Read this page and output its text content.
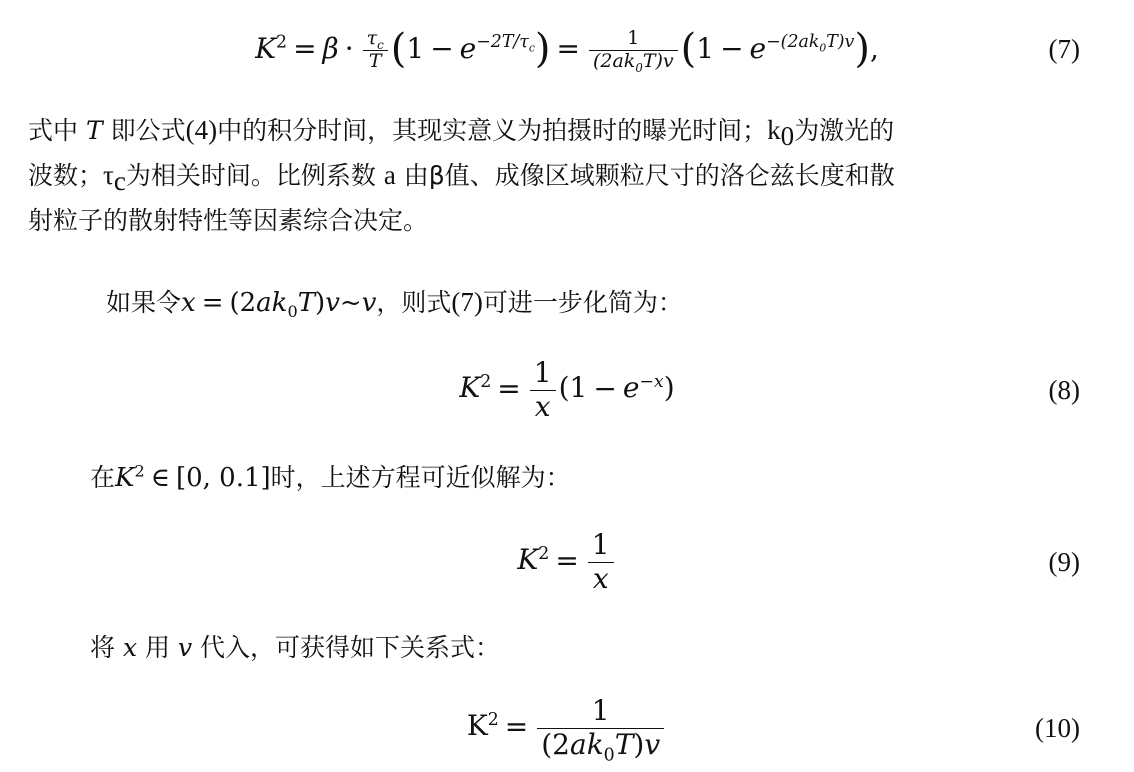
$K^2 = \beta \cdot \frac{\tau_c}{T} (1 - e^{-2T/\tau_c}) = \frac{1}{(2ak_0T)v} (1 - e^{-(2ak_0T)v})$,	(7)
式中 T 即公式(4)中的积分时间，其现实意义为拍摄时的曝光时间；$k_0$为激光的
波数；$\tau_c$为相关时间。比例系数 a 由β值、成像区域颗粒尺寸的洛仑兹长度和散
射粒子的散射特性等因素综合决定。
如果令$x = (2ak_0T)v\sim v$，则式(7)可进一步化简为：
$K^2 = \frac{1}{x} (1 - e^{-x})$	(8)
在$K^2$ ∈ [0, 0.1]时，上述方程可近似解为：
$K^2 = \frac{1}{x}$	(9)
将 x 用 v 代入，可获得如下关系式：
$K^2 = \frac{1}{(2ak_0T)v}$	(10)
